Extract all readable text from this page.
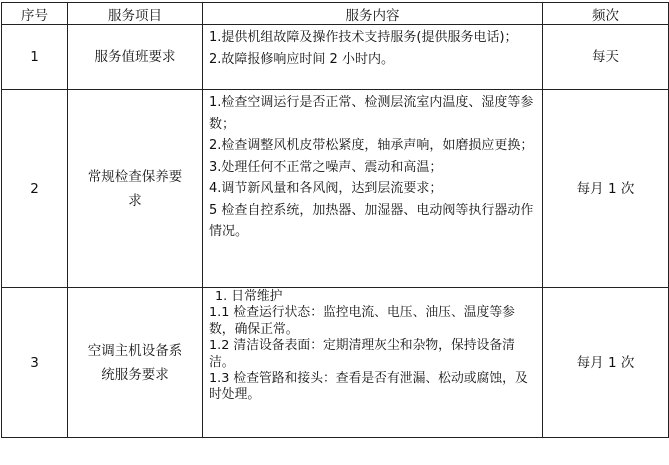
序号	服务项目	服务内容	频次
1	服务值班要求	1.提供机组故障及操作技术支持服务(提供服务电话)；
2.故障报修响应时间 2 小时内。	每天
2	常规检查保养要求	1.检查空调运行是否正常、检测层流室内温度、湿度等参数；
2.检查调整风机皮带松紧度，轴承声响，如磨损应更换；
3.处理任何不正常之噪声、震动和高温；
4.调节新风量和各风阀，达到层流要求；
5 检查自控系统，加热器、加湿器、电动阀等执行器动作情况。	每月 1 次
3	空调主机设备系统服务要求	1. 日常维护
1.1 检查运行状态：监控电流、电压、油压、温度等参数，确保正常。
1.2 清洁设备表面：定期清理灰尘和杂物，保持设备清洁。
1.3 检查管路和接头：查看是否有泄漏、松动或腐蚀，及时处理。	每月 1 次
